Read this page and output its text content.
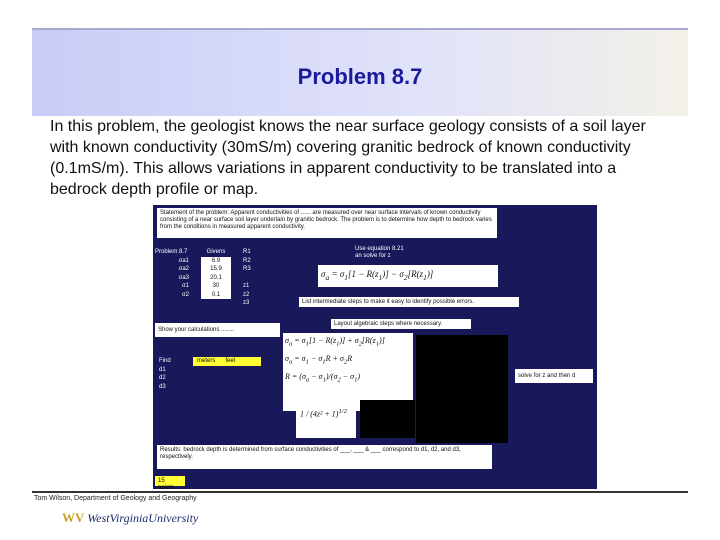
Problem 8.7
In this problem, the geologist knows the near surface geology consists of a soil layer with known conductivity (30mS/m) covering granitic bedrock of known conductivity (0.1mS/m). This allows variations in apparent conductivity to be translated into a bedrock depth profile or map.
Statement of the problem: Apparent conductivities of ...... are measured over near surface intervals of known conductivity consisting of a near surface soil layer underlain by granitic bedrock. The problem is to determine how depth to bedrock varies from the conditions in measured apparent conductivity.
Problem 8.7	Givens
σa1
σa2
σa3
σ1
σ2
6.9
15.9
20.1
30
0.1
R1
R2
R3

z1
z2
z3
Use equation 8.21
an solve for z
$\sigma_a = \sigma_1[1 - R(z_1)] - \sigma_2[R(z_1)]$
List intermediate steps to make it easy to identify possible errors.
Show your calculations ........
Layout algebraic steps where necessary.
$\sigma_a = \sigma_1[1 - R(z_1)] + \sigma_2[R(z_1)]$
$\sigma_a = \sigma_1 - \sigma_1R + \sigma_2R$
$R = (\sigma_a - \sigma_1)/(\sigma_2 - \sigma_1)$
$1 / (4z^2 + 1)^{1/2}$
solve for z and then d
Find	meters feet
d1
d2
d3
Results: bedrock depth is determined from surface conductivities of ___, ___ & ___ correspond to d1, d2, and d3, respectively.
15 points
Tom Wilson, Department of Geology and Geography
WV WestVirginiaUniversity
